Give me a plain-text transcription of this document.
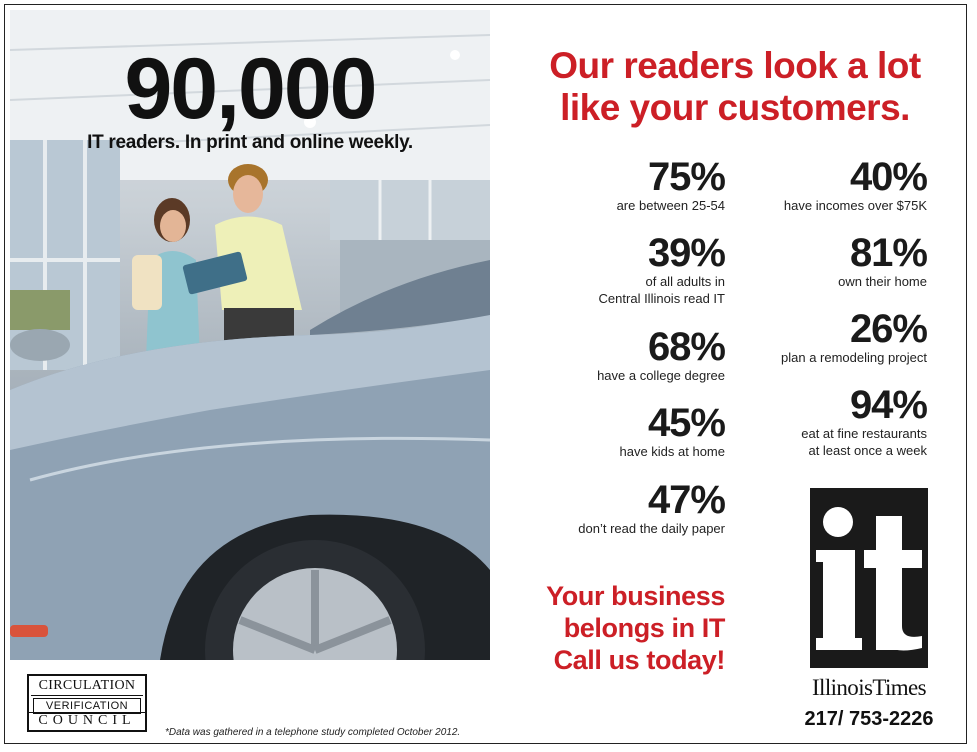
90,000
IT readers. In print and online weekly.
Our readers look a lot
like your customers.
75%
are between 25-54
39%
of all adults in
Central Illinois read IT
68%
have a college degree
45%
have kids at home
47%
don’t read the daily paper
40%
have incomes over $75K
81%
own their home
26%
plan a remodeling project
94%
eat at fine restaurants
at least once a week
Your business
belongs in IT
Call us today!
IllinoisTimes
217/ 753-2226
CIRCULATION
VERIFICATION
COUNCIL
*Data was gathered in a telephone study completed October 2012.
